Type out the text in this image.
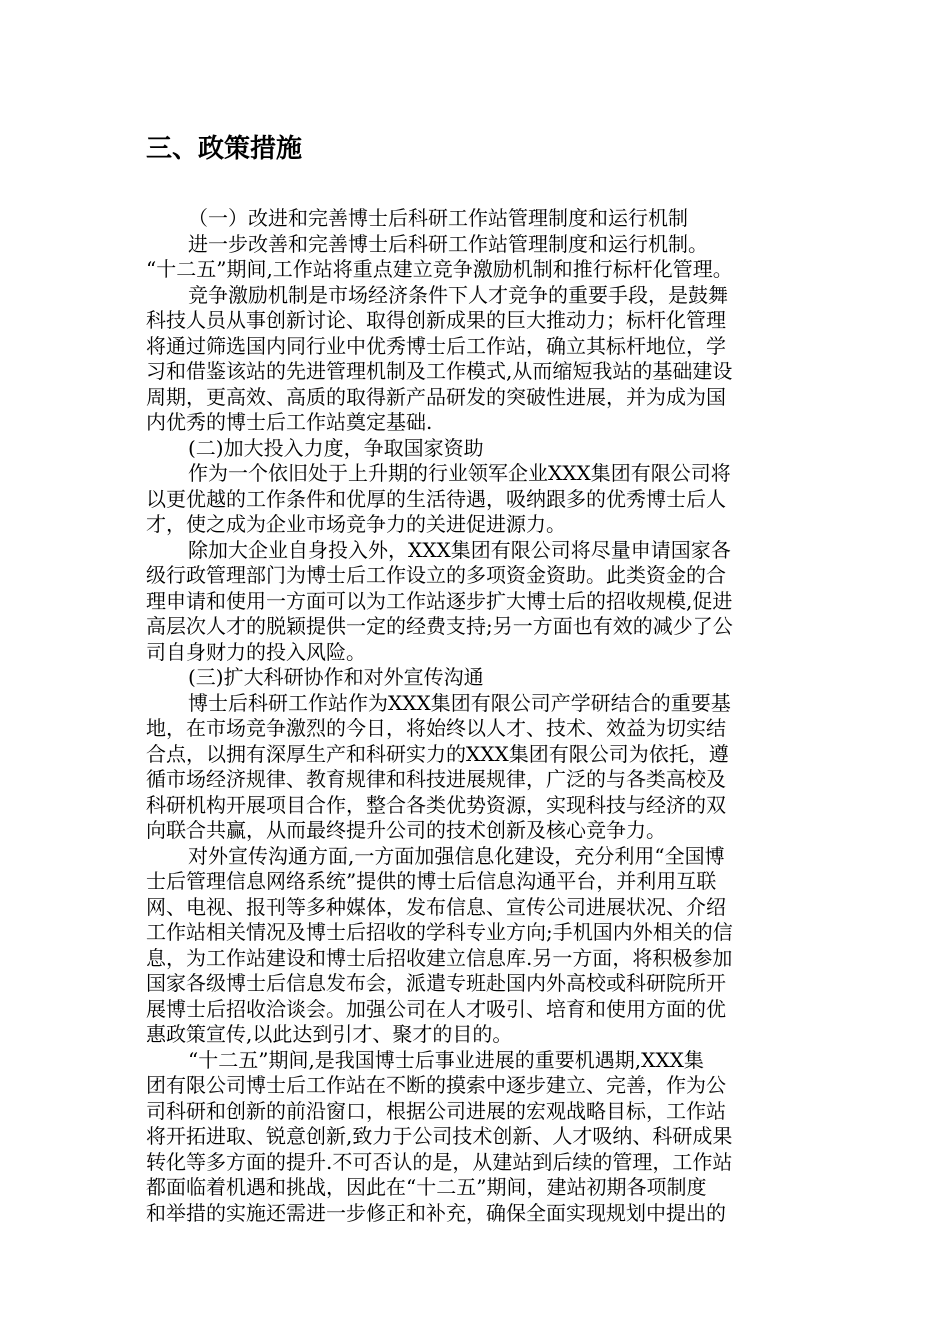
三、政策措施
（一）改进和完善博士后科研工作站管理制度和运行机制
进一步改善和完善博士后科研工作站管理制度和运行机制。
“十二五”期间,工作站将重点建立竞争激励机制和推行标杆化管理。
竞争激励机制是市场经济条件下人才竞争的重要手段，是鼓舞
科技人员从事创新讨论、取得创新成果的巨大推动力；标杆化管理
将通过筛选国内同行业中优秀博士后工作站，确立其标杆地位，学
习和借鉴该站的先进管理机制及工作模式,从而缩短我站的基础建设
周期，更高效、高质的取得新产品研发的突破性进展，并为成为国
内优秀的博士后工作站奠定基础.
(二)加大投入力度，争取国家资助
作为一个依旧处于上升期的行业领军企业XXX集团有限公司将
以更优越的工作条件和优厚的生活待遇，吸纳跟多的优秀博士后人
才，使之成为企业市场竞争力的关进促进源力。
除加大企业自身投入外，XXX集团有限公司将尽量申请国家各
级行政管理部门为博士后工作设立的多项资金资助。此类资金的合
理申请和使用一方面可以为工作站逐步扩大博士后的招收规模,促进
高层次人才的脱颖提供一定的经费支持;另一方面也有效的减少了公
司自身财力的投入风险。
(三)扩大科研协作和对外宣传沟通
博士后科研工作站作为XXX集团有限公司产学研结合的重要基
地，在市场竞争激烈的今日，将始终以人才、技术、效益为切实结
合点，以拥有深厚生产和科研实力的XXX集团有限公司为依托，遵
循市场经济规律、教育规律和科技进展规律，广泛的与各类高校及
科研机构开展项目合作，整合各类优势资源，实现科技与经济的双
向联合共赢，从而最终提升公司的技术创新及核心竞争力。
对外宣传沟通方面,一方面加强信息化建设，充分利用“全国博
士后管理信息网络系统”提供的博士后信息沟通平台，并利用互联
网、电视、报刊等多种媒体，发布信息、宣传公司进展状况、介绍
工作站相关情况及博士后招收的学科专业方向;手机国内外相关的信
息，为工作站建设和博士后招收建立信息库.另一方面，将积极参加
国家各级博士后信息发布会，派遣专班赴国内外高校或科研院所开
展博士后招收洽谈会。加强公司在人才吸引、培育和使用方面的优
惠政策宣传,以此达到引才、聚才的目的。
“十二五”期间,是我国博士后事业进展的重要机遇期,XXX集
团有限公司博士后工作站在不断的摸索中逐步建立、完善，作为公
司科研和创新的前沿窗口，根据公司进展的宏观战略目标，工作站
将开拓进取、锐意创新,致力于公司技术创新、人才吸纳、科研成果
转化等多方面的提升.不可否认的是，从建站到后续的管理，工作站
都面临着机遇和挑战，因此在“十二五”期间，建站初期各项制度
和举措的实施还需进一步修正和补充，确保全面实现规划中提出的
